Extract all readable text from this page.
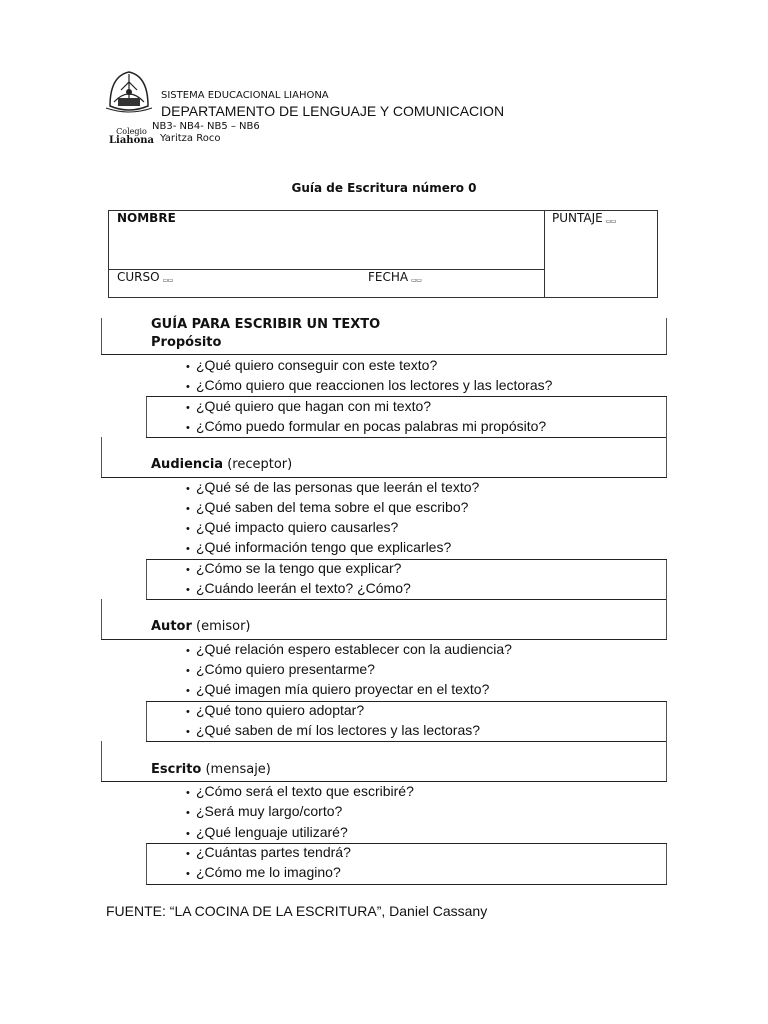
Colegio
Liahona
SISTEMA EDUCACIONAL LIAHONA
DEPARTAMENTO DE LENGUAJE Y COMUNICACION
NB3- NB4- NB5 – NB6
Yaritza Roco
Guía de Escritura número 0
NOMBRE	PUNTAJE ▭▭
CURSO ▭▭	FECHA ▭▭
GUÍA PARA ESCRIBIR UN TEXTO
Propósito
• ¿Qué quiero conseguir con este texto?
• ¿Cómo quiero que reaccionen los lectores y las lectoras?
• ¿Qué quiero que hagan con mi texto?
• ¿Cómo puedo formular en pocas palabras mi propósito?
Audiencia (receptor)
• ¿Qué sé de las personas que leerán el texto?
• ¿Qué saben del tema sobre el que escribo?
• ¿Qué impacto quiero causarles?
• ¿Qué información tengo que explicarles?
• ¿Cómo se la tengo que explicar?
• ¿Cuándo leerán el texto? ¿Cómo?
Autor (emisor)
• ¿Qué relación espero establecer con la audiencia?
• ¿Cómo quiero presentarme?
• ¿Qué imagen mía quiero proyectar en el texto?
• ¿Qué tono quiero adoptar?
• ¿Qué saben de mí los lectores y las lectoras?
Escrito (mensaje)
• ¿Cómo será el texto que escribiré?
• ¿Será muy largo/corto?
• ¿Qué lenguaje utilizaré?
• ¿Cuántas partes tendrá?
• ¿Cómo me lo imagino?
FUENTE: “LA COCINA DE LA ESCRITURA”, Daniel Cassany
